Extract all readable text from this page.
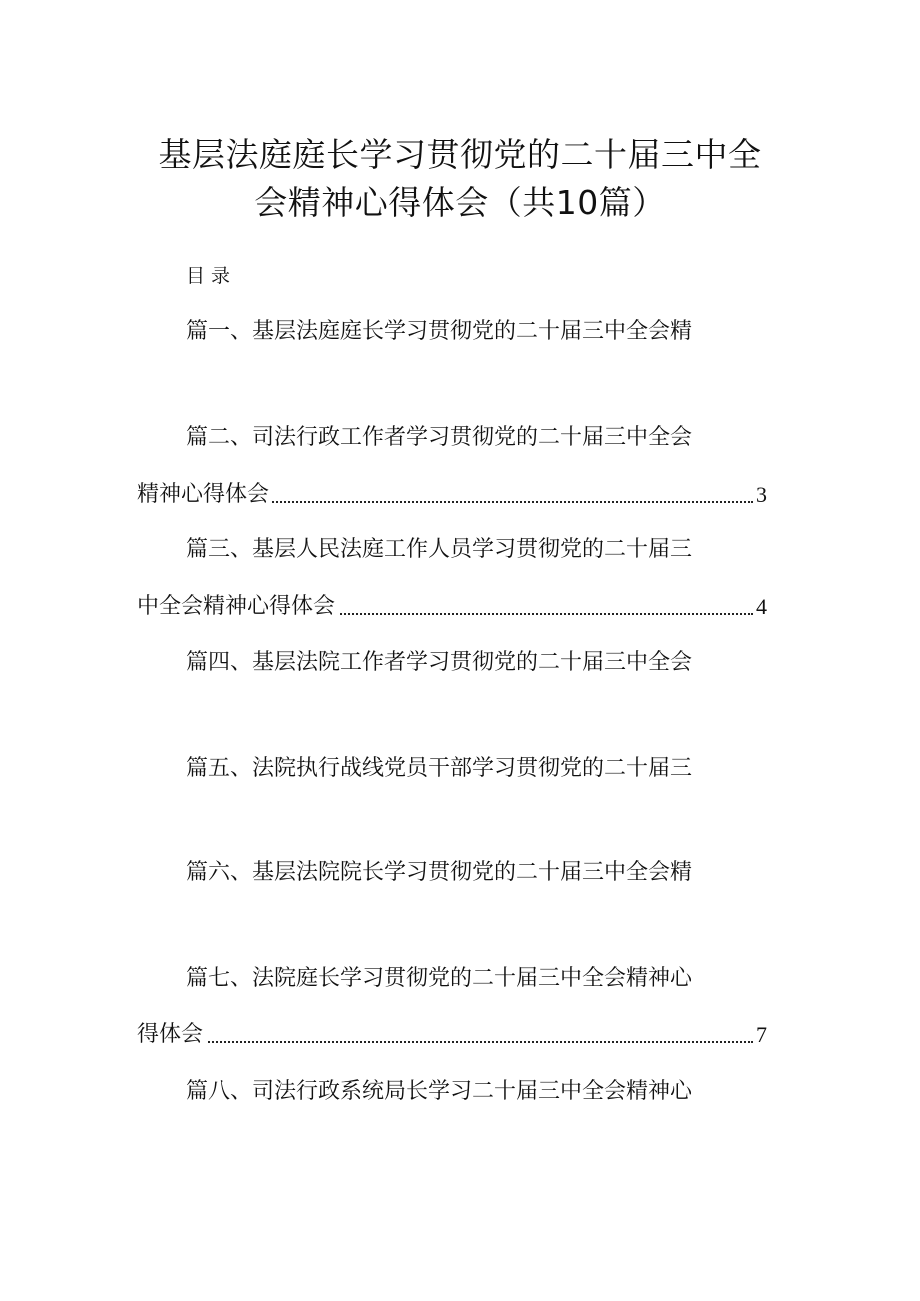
基层法庭庭长学习贯彻党的二十届三中全
会精神心得体会（共10篇）
目录
篇一、基层法庭庭长学习贯彻党的二十届三中全会精
篇二、司法行政工作者学习贯彻党的二十届三中全会
精神心得体会	3
篇三、基层人民法庭工作人员学习贯彻党的二十届三
中全会精神心得体会	4
篇四、基层法院工作者学习贯彻党的二十届三中全会
篇五、法院执行战线党员干部学习贯彻党的二十届三
篇六、基层法院院长学习贯彻党的二十届三中全会精
篇七、法院庭长学习贯彻党的二十届三中全会精神心
得体会	7
篇八、司法行政系统局长学习二十届三中全会精神心
